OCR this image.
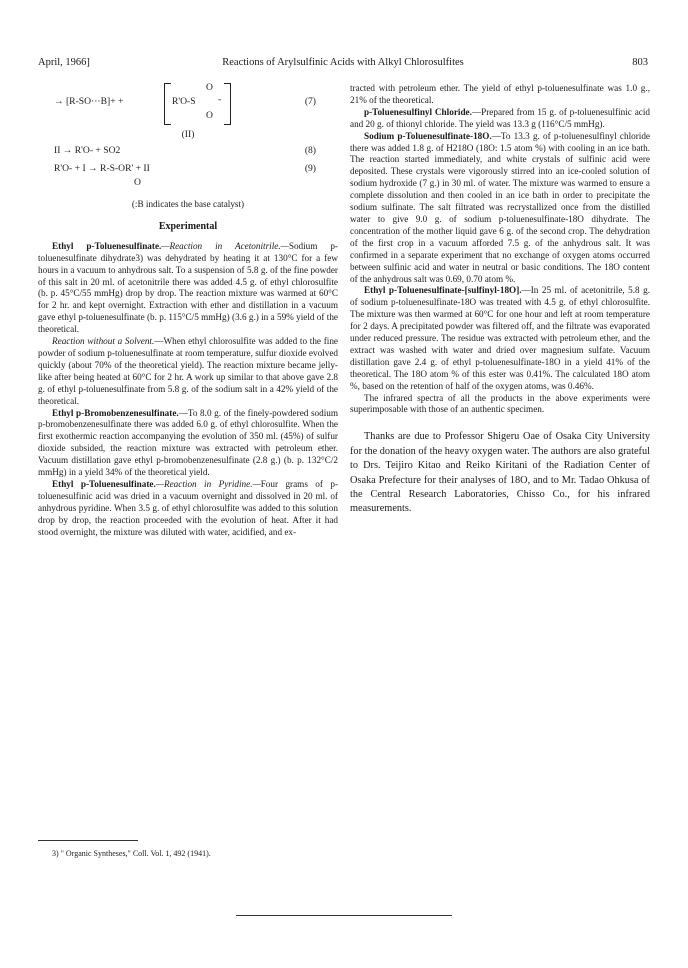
April, 1966]	Reactions of Arylsulfinic Acids with Alkyl Chlorosulfites	803
→ [R-SO···B]+ +	R'O-S
O
O
-	(7)
(II)
II → R'O- + SO2	(8)
R'O- + I → R-S-OR' + II	(9)
O
(:B indicates the base catalyst)
Experimental

Ethyl p-Toluenesulfinate.—Reaction in Acetonitrile.—Sodium p-toluenesulfinate dihydrate3) was dehydrated by heating it at 130°C for a few hours in a vacuum to anhydrous salt. To a suspension of 5.8 g. of the fine powder of this salt in 20 ml. of acetonitrile there was added 4.5 g. of ethyl chlorosulfite (b. p. 45°C/55 mmHg) drop by drop. The reaction mixture was warmed at 60°C for 2 hr. and kept overnight. Extraction with ether and distillation in a vacuum gave ethyl p-toluenesulfinate (b. p. 115°C/5 mmHg) (3.6 g.) in a 59% yield of the theoretical.

Reaction without a Solvent.—When ethyl chlorosulfite was added to the fine powder of sodium p-toluenesulfinate at room temperature, sulfur dioxide evolved quickly (about 70% of the theoretical yield). The reaction mixture became jelly-like after being heated at 60°C for 2 hr. A work up similar to that above gave 2.8 g. of ethyl p-toluenesulfinate from 5.8 g. of the sodium salt in a 42% yield of the theoretical.

Ethyl p-Bromobenzenesulfinate.—To 8.0 g. of the finely-powdered sodium p-bromobenzenesulfinate there was added 6.0 g. of ethyl chlorosulfite. When the first exothermic reaction accompanying the evolution of 350 ml. (45%) of sulfur dioxide subsided, the reaction mixture was extracted with petroleum ether. Vacuum distillation gave ethyl p-bromobenzenesulfinate (2.8 g.) (b. p. 132°C/2 mmHg) in a yield 34% of the theoretical yield.

Ethyl p-Toluenesulfinate.—Reaction in Pyridine.—Four grams of p-toluenesulfinic acid was dried in a vacuum overnight and dissolved in 20 ml. of anhydrous pyridine. When 3.5 g. of ethyl chlorosulfite was added to this solution drop by drop, the reaction proceeded with the evolution of heat. After it had stood overnight, the mixture was diluted with water, acidified, and ex-

3) " Organic Syntheses," Coll. Vol. 1, 492 (1941).

tracted with petroleum ether. The yield of ethyl p-toluenesulfinate was 1.0 g., 21% of the theoretical.

p-Toluenesulfinyl Chloride.—Prepared from 15 g. of p-toluenesulfinic acid and 20 g. of thionyl chloride. The yield was 13.3 g (116°C/5 mmHg).

Sodium p-Toluenesulfinate-18O.—To 13.3 g. of p-toluenesulfinyl chloride there was added 1.8 g. of H218O (18O: 1.5 atom %) with cooling in an ice bath. The reaction started immediately, and white crystals of sulfinic acid were deposited. These crystals were vigorously stirred into an ice-cooled solution of sodium hydroxide (7 g.) in 30 ml. of water. The mixture was warmed to ensure a complete dissolution and then cooled in an ice bath in order to precipitate the sodium sulfinate. The salt filtrated was recrystallized once from the distilled water to give 9.0 g. of sodium p-toluenesulfinate-18O dihydrate. The concentration of the mother liquid gave 6 g. of the second crop. The dehydration of the first crop in a vacuum afforded 7.5 g. of the anhydrous salt. It was confirmed in a separate experiment that no exchange of oxygen atoms occurred between sulfinic acid and water in neutral or basic conditions. The 18O content of the anhydrous salt was 0.69, 0.70 atom %.

Ethyl p-Toluenesulfinate-[sulfinyl-18O].—In 25 ml. of acetonitrile, 5.8 g. of sodium p-toluenesulfinate-18O was treated with 4.5 g. of ethyl chlorosulfite. The mixture was then warmed at 60°C for one hour and left at room temperature for 2 days. A precipitated powder was filtered off, and the filtrate was evaporated under reduced pressure. The residue was extracted with petroleum ether, and the extract was washed with water and dried over magnesium sulfate. Vacuum distillation gave 2.4 g. of ethyl p-toluenesulfinate-18O in a yield 41% of the theoretical. The 18O atom % of this ester was 0.41%. The calculated 18O atom %, based on the retention of half of the oxygen atoms, was 0.46%.

The infrared spectra of all the products in the above experiments were superimposable with those of an authentic specimen.

Thanks are due to Professor Shigeru Oae of Osaka City University for the donation of the heavy oxygen water. The authors are also grateful to Drs. Teijiro Kitao and Reiko Kiritani of the Radiation Center of Osaka Prefecture for their analyses of 18O, and to Mr. Tadao Ohkusa of the Central Research Laboratories, Chisso Co., for his infrared measurements.
